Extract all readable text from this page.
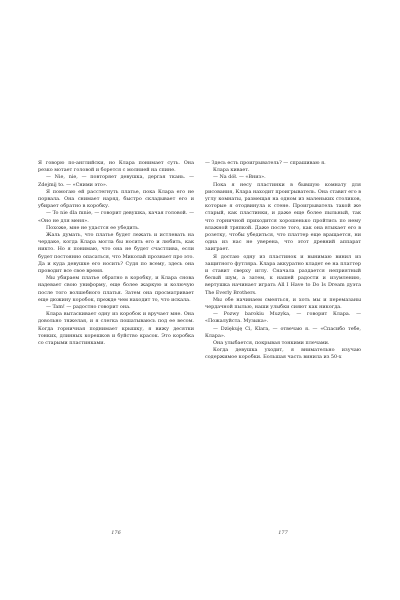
Я говорю по-английски, но Клара понимает суть. Она резко мотает головой и борется с молнией на спине.

— Nie, nie, — повторяет девушка, дергая ткань. — Zdejmij to. — «Сними это».

Я помогаю ей расстегнуть платье, пока Клара его не порвала. Она снимает наряд, быстро складывает его и убирает обратно в коробку.

— To nie dla mnie, — говорит девушка, качая головой. — «Оно не для меня».

Похоже, мне не удастся ее убедить.

Жаль думать, что платье будет лежать и истлевать на чердаке, когда Клара могла бы носить его и любить, как никто. Но я понимаю, что она не будет счастлива, если будет постоянно опасаться, что Миколай прознает про это. Да и куда девушке его носить? Судя по всему, здесь она проводит все свое время.

Мы убираем платье обратно в коробку, и Клара снова надевает свою униформу, еще более жаркую и колючую после того волшебного платья. Затем она просматривает еще дюжину коробок, прежде чем находит то, что искала.

— Tam! — радостно говорит она.

Клара вытаскивает одну из коробок и вручает мне. Она довольно тяжелая, и я слегка пошатываюсь под ее весом. Когда горничная поднимает крышку, я вижу десятки тонких, длинных корешков и буйство красок. Это коробка со старыми пластинками.

— Здесь есть проигрыватель? — спрашиваю я.

Клара кивает.

— Na dół. — «Вниз».

Пока я несу пластинки в бывшую комнату для рисования, Клара находит проигрыватель. Она ставит его в углу комнаты, размещая на одном из маленьких столиков, которые я отодвинула к стене. Проигрыватель такой же старый, как пластинки, и даже еще более пыльный, так что горничной приходится хорошенько пройтись по нему влажной тряпкой. Даже после того, как она втыкает его в розетку, чтобы убедиться, что платтер еще вращается, ни одна из нас не уверена, что этот древний аппарат заиграет.

Я достаю одну из пластинок и вынимаю винил из защитного футляра. Клара аккуратно кладет ее на платтер и ставит сверху иглу. Сначала раздается неприятный белый шум, а затем, к нашей радости и изумлению, вертушка начинает играть All I Have to Do Is Dream дуэта The Everly Brothers.

Мы обе начинаем смеяться, и хоть мы и перемазаны чердачной пылью, наши улыбки сияют как никогда.

— Pozwy barokiu Muzyka, — говорит Клара. — «Пожалуйста. Музыка».

— Dziękuję Ci, Klara, — отвечаю я. — «Спасибо тебе, Клара».

Она улыбается, покрывая тонкими плечами.

Когда девушка уходит, я внимательно изучаю содержимое коробки. Большая часть винила из 50-х

176	177
